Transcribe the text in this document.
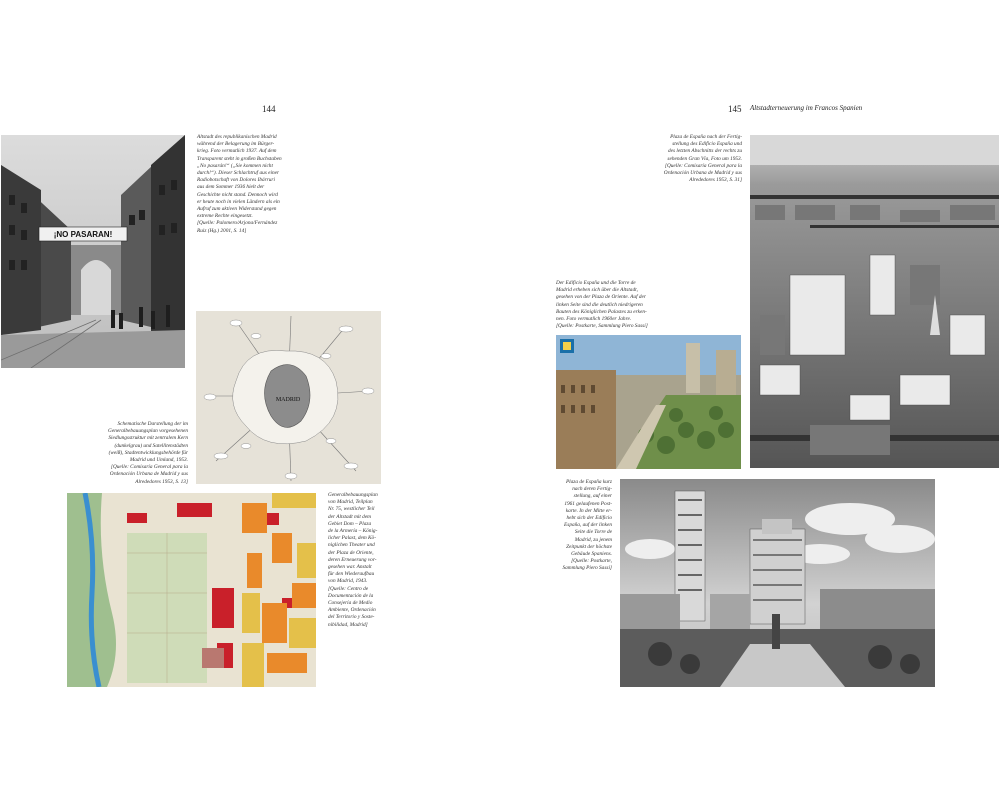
144	145 Altstadterneuerung im Francos Spanien
¡NO PASARAN!
Altstadt des republikanischen Madrid
während der Belagerung im Bürger-
krieg. Foto vermutlich 1937. Auf dem
Transparent steht in großen Buchstaben
„No pasarán!“ („Sie kommen nicht
durch!“). Dieser Schlachtruf aus einer
Radiobotschaft von Dolores Ibárruri
aus dem Sommer 1936 hielt der
Geschichte nicht stand. Dennoch wird
er heute noch in vielen Ländern als ein
Aufruf zum aktiven Widerstand gegen
extreme Rechte eingesetzt.
[Quelle: Palomero/Arjona/Fernández
Ruiz (Hg.) 2001, S. 14]
MADRID
Schematische Darstellung der im
Generalbebauungsplan vorgesehenen
Siedlungsstruktur mit zentralem Kern
(dunkelgrau) und Satellitenstädten
(weiß), Stadtentwicklungsbehörde für
Madrid und Umland, 1953.
[Quelle: Comisaría General para la
Ordenación Urbana de Madrid y sus
Alrededores 1953, S. 13]
Generalbebauungsplan
von Madrid, Teilplan
Nr. 75, westlicher Teil
der Altstadt mit dem
Gebiet Dom – Plaza
de la Armería – König-
licher Palast, dem Kö-
niglichen Theater und
der Plaza de Oriente,
deren Erneuerung vor-
gesehen war. Anstalt
für den Wiederaufbau
von Madrid, 1943.
[Quelle: Centro de
Documentación de la
Consejería de Medio
Ambiente, Ordenación
del Territorio y Soste-
nibilidad, Madrid]
Plaza de España nach der Fertig-
stellung des Edificio España und
des letzten Abschnitts der rechts zu
sehenden Gran Vía, Foto um 1953.
[Quelle: Comisaría General para la
Ordenación Urbana de Madrid y sus
Alrededores 1953, S. 31]
Der Edificio España und die Torre de
Madrid erheben sich über die Altstadt,
gesehen von der Plaza de Oriente. Auf der
linken Seite sind die deutlich niedrigeren
Bauten des Königlichen Palastes zu erken-
nen. Foto vermutlich 1960er Jahre.
[Quelle: Postkarte, Sammlung Piero Sassi]
Plaza de España kurz
nach deren Fertig-
stellung, auf einer
1961 gelaufenen Post-
karte. In der Mitte er-
hebt sich der Edificio
España, auf der linken
Seite die Torre de
Madrid, zu jenem
Zeitpunkt der höchste
Gebäude Spaniens.
[Quelle: Postkarte,
Sammlung Piero Sassi]
